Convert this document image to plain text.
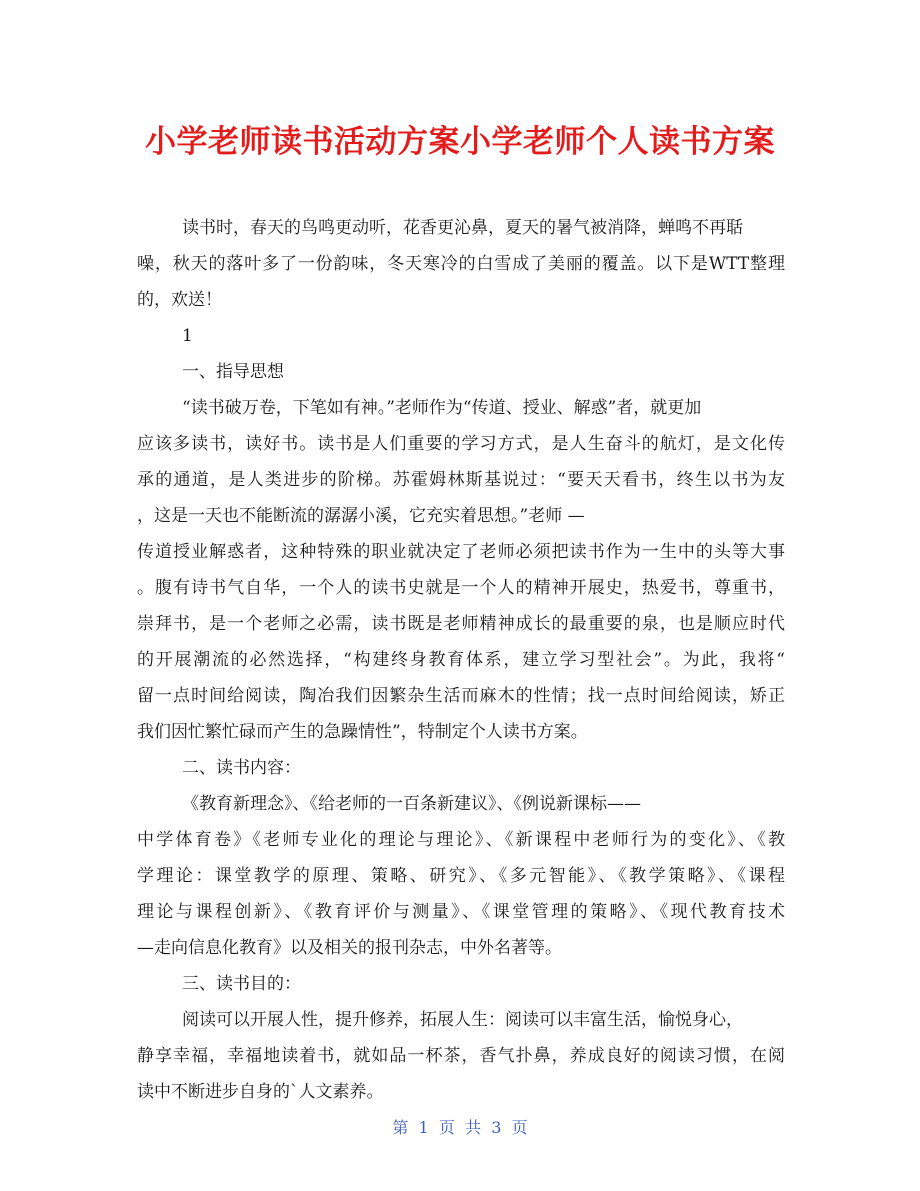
小学老师读书活动方案小学老师个人读书方案

读书时，春天的鸟鸣更动听，花香更沁鼻，夏天的暑气被消降，蝉鸣不再聒

噪，秋天的落叶多了一份韵味，冬天寒冷的白雪成了美丽的覆盖。以下是WTT整理

的，欢送！

1

一、指导思想

“读书破万卷，下笔如有神。”老师作为“传道、授业、解惑”者，就更加

应该多读书，读好书。读书是人们重要的学习方式，是人生奋斗的航灯，是文化传

承的通道，是人类进步的阶梯。苏霍姆林斯基说过：“要天天看书，终生以书为友

，这是一天也不能断流的潺潺小溪，它充实着思想。”老师 —

传道授业解惑者，这种特殊的职业就决定了老师必须把读书作为一生中的头等大事

。腹有诗书气自华，一个人的读书史就是一个人的精神开展史，热爱书，尊重书，

崇拜书，是一个老师之必需，读书既是老师精神成长的最重要的泉，也是顺应时代

的开展潮流的必然选择，“构建终身教育体系，建立学习型社会”。为此，我将“

留一点时间给阅读，陶冶我们因繁杂生活而麻木的性情；找一点时间给阅读，矫正

我们因忙繁忙碌而产生的急躁情性”，特制定个人读书方案。

二、读书内容：

《教育新理念》、《给老师的一百条新建议》、《例说新课标——

中学体育卷》《老师专业化的理论与理论》、《新课程中老师行为的变化》、《教

学理论：课堂教学的原理、策略、研究》、《多元智能》、《教学策略》、《课程

理论与课程创新》、《教育评价与测量》、《课堂管理的策略》、《现代教育技术

—走向信息化教育》以及相关的报刊杂志，中外名著等。

三、读书目的：

阅读可以开展人性，提升修养，拓展人生：阅读可以丰富生活，愉悦身心，

静享幸福，幸福地读着书，就如品一杯茶，香气扑鼻，养成良好的阅读习惯，在阅

读中不断进步自身的`人文素养。

第  1  页  共  3  页
